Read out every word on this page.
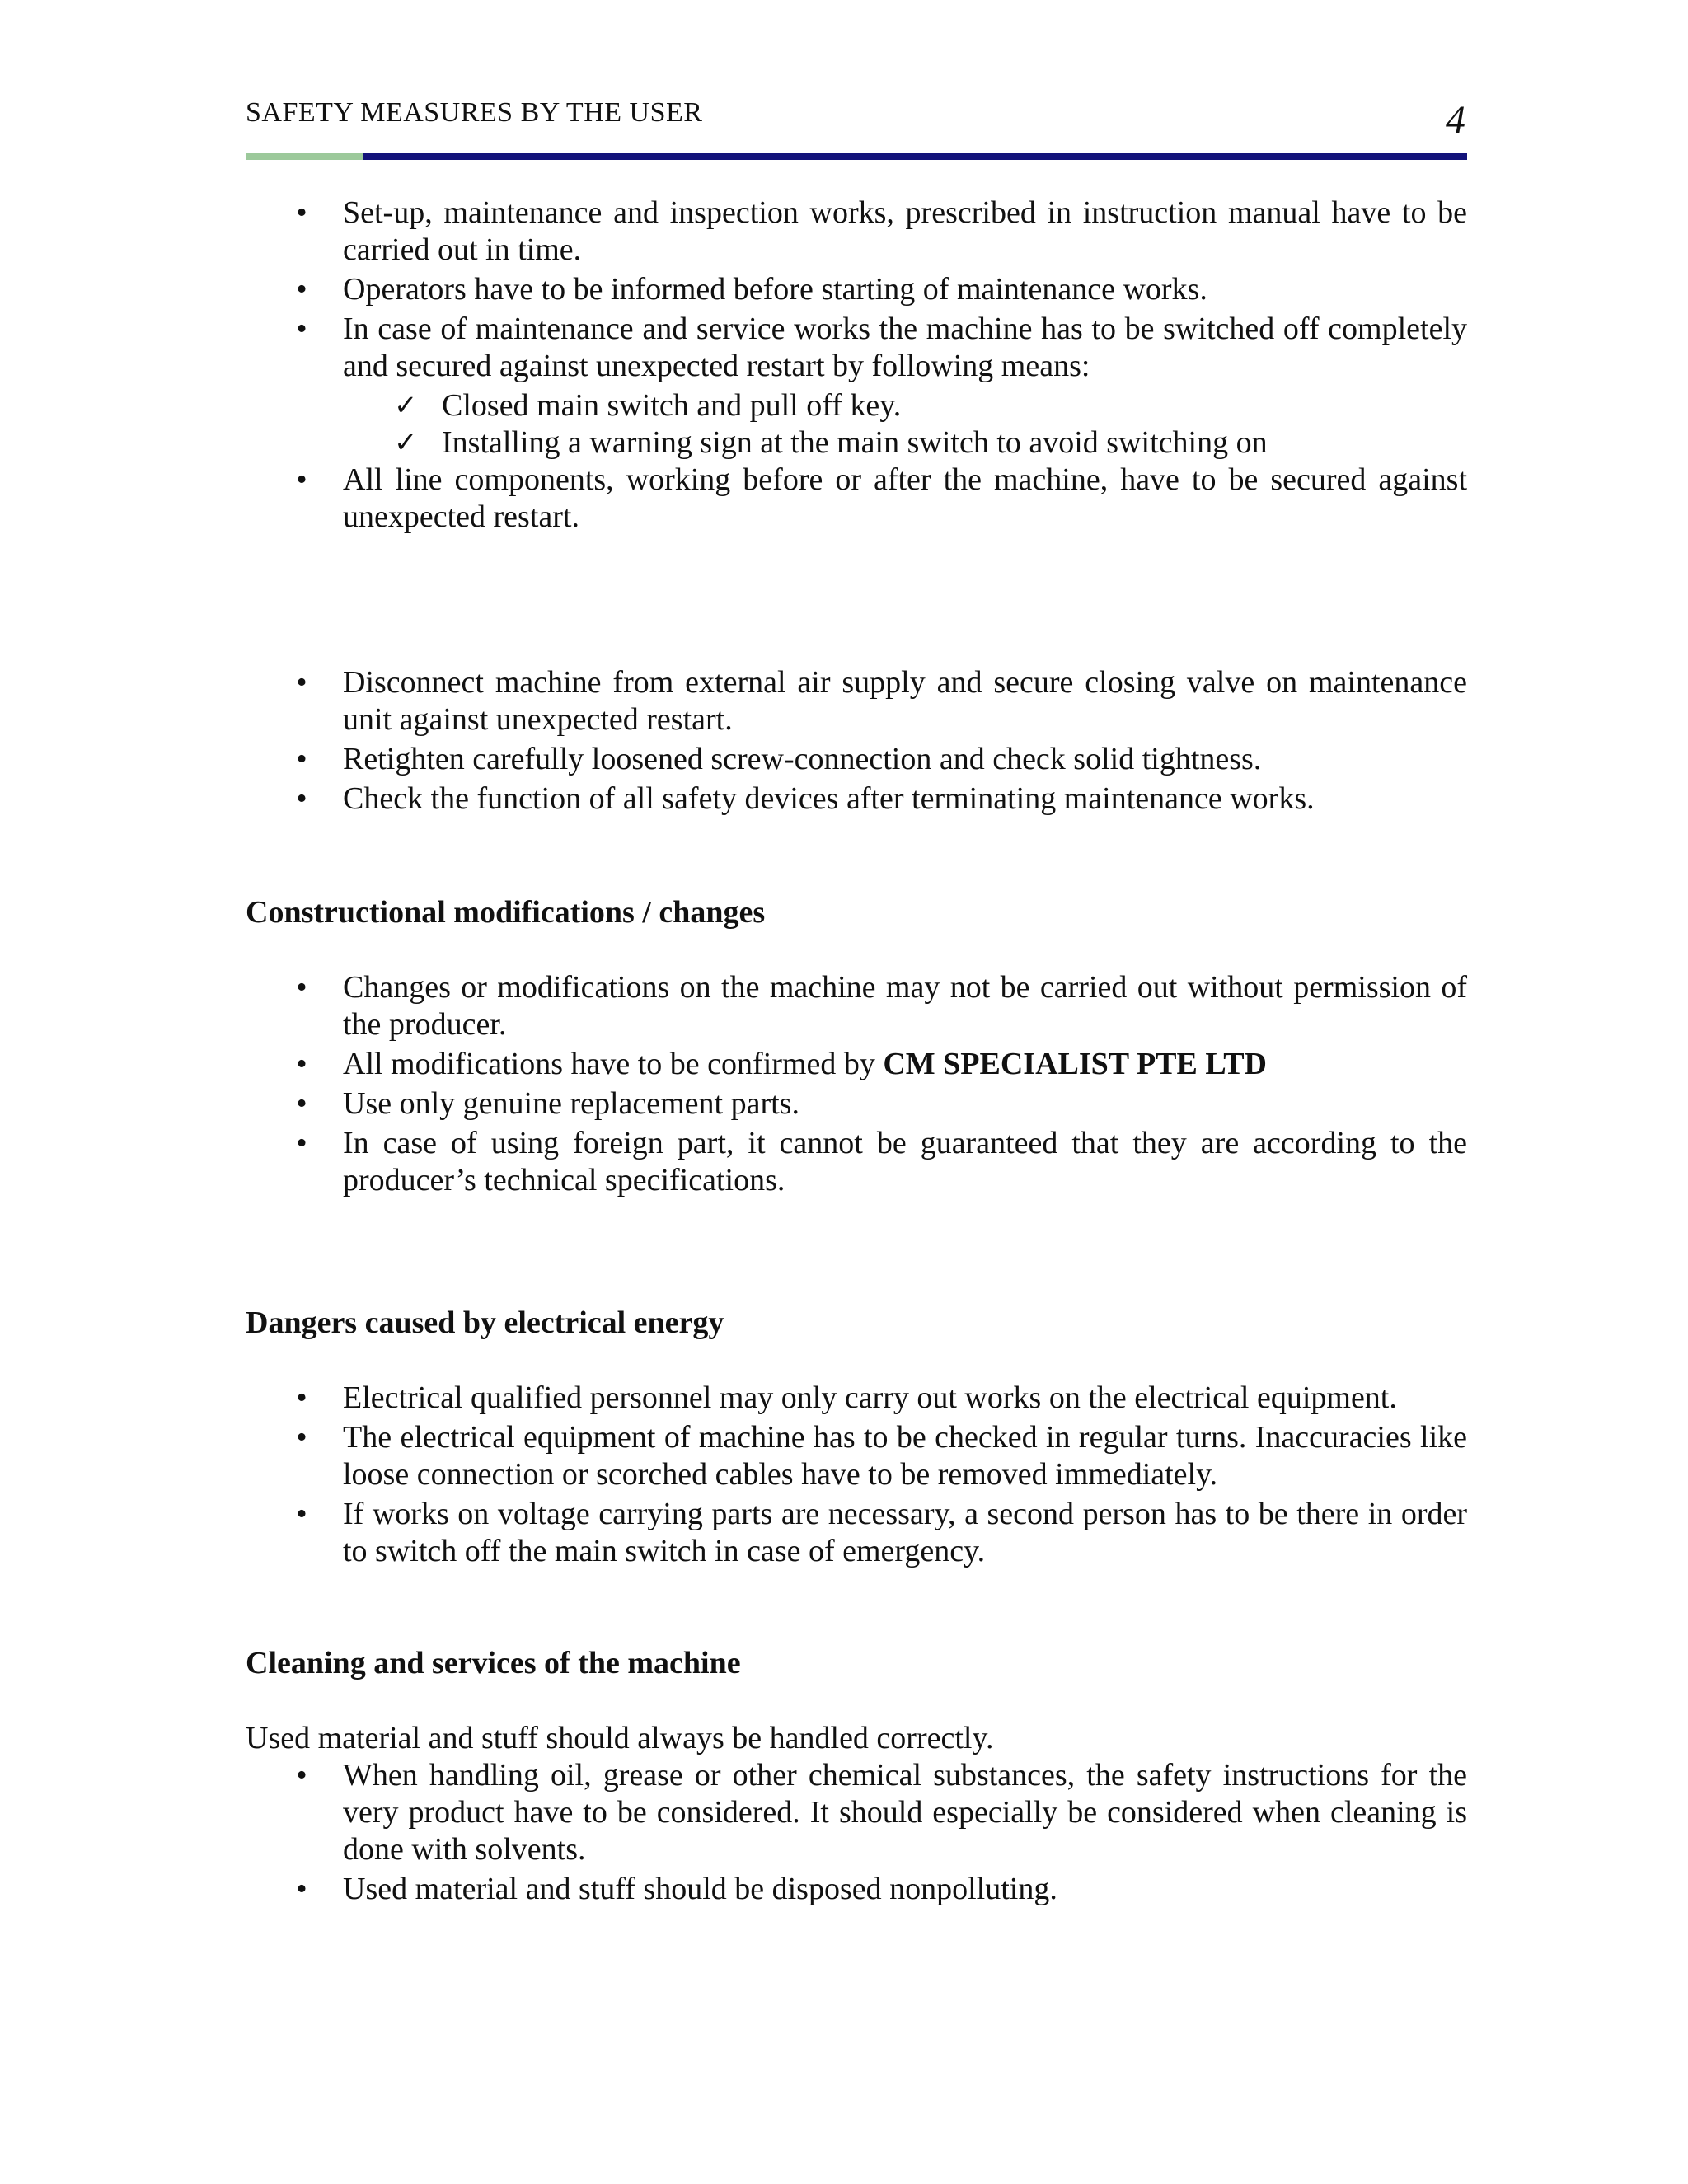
SAFETY MEASURES BY THE USER	4
• Set-up, maintenance and inspection works, prescribed in instruction manual have to be carried out in time.
• Operators have to be informed before starting of maintenance works.
• In case of maintenance and service works the machine has to be switched off completely and secured against unexpected restart by following means:
✓ Closed main switch and pull off key.
✓ Installing a warning sign at the main switch to avoid switching on
• All line components, working before or after the machine, have to be secured against unexpected restart.
• Disconnect machine from external air supply and secure closing valve on maintenance unit against unexpected restart.
• Retighten carefully loosened screw-connection and check solid tightness.
• Check the function of all safety devices after terminating maintenance works.

Constructional modifications / changes

• Changes or modifications on the machine may not be carried out without permission of the producer.
• All modifications have to be confirmed by CM SPECIALIST PTE LTD
• Use only genuine replacement parts.
• In case of using foreign part, it cannot be guaranteed that they are according to the producer’s technical specifications.

Dangers caused by electrical energy

• Electrical qualified personnel may only carry out works on the electrical equipment.
• The electrical equipment of machine has to be checked in regular turns. Inaccuracies like loose connection or scorched cables have to be removed immediately.
• If works on voltage carrying parts are necessary, a second person has to be there in order to switch off the main switch in case of emergency.

Cleaning and services of the machine

Used material and stuff should always be handled correctly.

• When handling oil, grease or other chemical substances, the safety instructions for the very product have to be considered. It should especially be considered when cleaning is done with solvents.
• Used material and stuff should be disposed nonpolluting.
